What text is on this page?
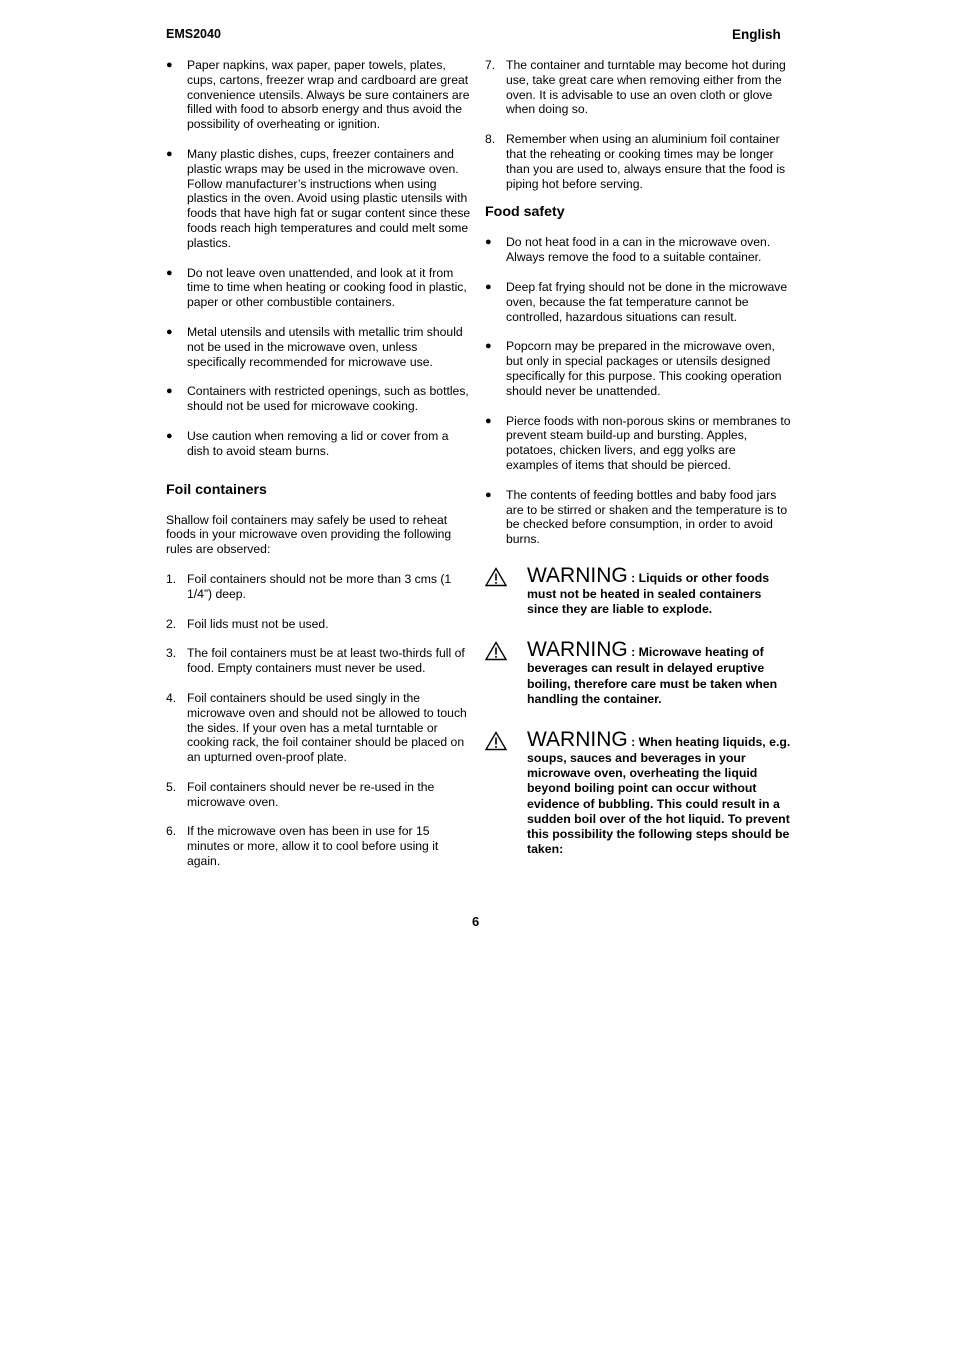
EMS2040	English
● Paper napkins, wax paper, paper towels, plates, cups, cartons, freezer wrap and cardboard are great convenience utensils. Always be sure containers are filled with food to absorb energy and thus avoid the possibility of overheating or ignition.
● Many plastic dishes, cups, freezer containers and plastic wraps may be used in the microwave oven. Follow manufacturer’s instructions when using plastics in the oven. Avoid using plastic utensils with foods that have high fat or sugar content since these foods reach high temperatures and could melt some plastics.
● Do not leave oven unattended, and look at it from time to time when heating or cooking food in plastic, paper or other combustible containers.
● Metal utensils and utensils with metallic trim should not be used in the microwave oven, unless specifically recommended for microwave use.
● Containers with restricted openings, such as bottles, should not be used for microwave cooking.
● Use caution when removing a lid or cover from a dish to avoid steam burns.
Foil containers
Shallow foil containers may safely be used to reheat foods in your microwave oven providing the following rules are observed:
1. Foil containers should not be more than 3 cms (1 1/4”) deep.
2. Foil lids must not be used.
3. The foil containers must be at least two-thirds full of food. Empty containers must never be used.
4. Foil containers should be used singly in the microwave oven and should not be allowed to touch the sides. If your oven has a metal turntable or cooking rack, the foil container should be placed on an upturned oven-proof plate.
5. Foil containers should never be re-used in the microwave oven.
6. If the microwave oven has been in use for 15 minutes or more, allow it to cool before using it again.
7. The container and turntable may become hot during use, take great care when removing either from the oven. It is advisable to use an oven cloth or glove when doing so.
8. Remember when using an aluminium foil container that the reheating or cooking times may be longer than you are used to, always ensure that the food is piping hot before serving.
Food safety
● Do not heat food in a can in the microwave oven. Always remove the food to a suitable container.
● Deep fat frying should not be done in the microwave oven, because the fat temperature cannot be controlled, hazardous situations can result.
● Popcorn may be prepared in the microwave oven, but only in special packages or utensils designed specifically for this purpose. This cooking operation should never be unattended.
● Pierce foods with non-porous skins or membranes to prevent steam build-up and bursting. Apples, potatoes, chicken livers, and egg yolks are examples of items that should be pierced.
● The contents of feeding bottles and baby food jars are to be stirred or shaken and the temperature is to be checked before consumption, in order to avoid burns.
WARNING : Liquids or other foods must not be heated in sealed containers since they are liable to explode.
WARNING : Microwave heating of beverages can result in delayed eruptive boiling, therefore care must be taken when handling the container.
WARNING : When heating liquids, e.g. soups, sauces and beverages in your microwave oven, overheating the liquid beyond boiling point can occur without evidence of bubbling. This could result in a sudden boil over of the hot liquid. To prevent this possibility the following steps should be taken:
6
